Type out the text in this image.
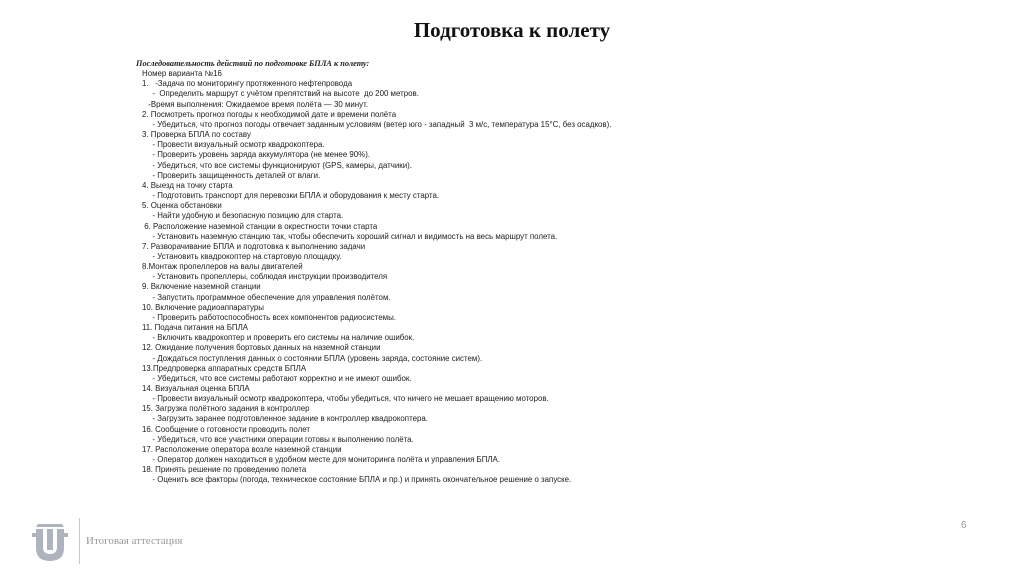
Подготовка к полету
Последовательность действий по подготовке БПЛА к полету:
Номер варианта №16
1.   -Задача по мониторингу протяженного нефтепровода
-  Определить маршрут с учётом препятствий на высоте  до 200 метров.
-Время выполнения: Ожидаемое время полёта — 30 минут.
2. Посмотреть прогноз погоды к необходимой дате и времени полёта
- Убедиться, что прогноз погоды отвечает заданным условиям (ветер юго - западный  3 м/с, температура 15°C, без осадков).
3. Проверка БПЛА по составу
- Провести визуальный осмотр квадрокоптера.
- Проверить уровень заряда аккумулятора (не менее 90%).
- Убедиться, что все системы функционируют (GPS, камеры, датчики).
- Проверить защищенность деталей от влаги.
4. Выезд на точку старта
- Подготовить транспорт для перевозки БПЛА и оборудования к месту старта.
5. Оценка обстановки
- Найти удобную и безопасную позицию для старта.
6. Расположение наземной станции в окрестности точки старта
- Установить наземную станцию так, чтобы обеспечить хороший сигнал и видимость на весь маршрут полета.
7. Разворачивание БПЛА и подготовка к выполнению задачи
- Установить квадрокоптер на стартовую площадку.
8.Монтаж пропеллеров на валы двигателей
- Установить пропеллеры, соблюдая инструкции производителя
9. Включение наземной станции
- Запустить программное обеспечение для управления полётом.
10. Включение радиоаппаратуры
- Проверить работоспособность всех компонентов радиосистемы.
11. Подача питания на БПЛА
- Включить квадрокоптер и проверить его системы на наличие ошибок.
12. Ожидание получения бортовых данных на наземной станции
- Дождаться поступления данных о состоянии БПЛА (уровень заряда, состояние систем).
13.Предпроверка аппаратных средств БПЛА
- Убедиться, что все системы работают корректно и не имеют ошибок.
14. Визуальная оценка БПЛА
- Провести визуальный осмотр квадрокоптера, чтобы убедиться, что ничего не мешает вращению моторов.
15. Загрузка полётного задания в контроллер
- Загрузить заранее подготовленное задание в контроллер квадрокоптера.
16. Сообщение о готовности проводить полет
- Убедиться, что все участники операции готовы к выполнению полёта.
17. Расположение оператора возле наземной станции
- Оператор должен находиться в удобном месте для мониторинга полёта и управления БПЛА.
18. Принять решение по проведению полета
- Оценить все факторы (погода, техническое состояние БПЛА и пр.) и принять окончательное решение о запуске.
Итоговая аттестация
6
